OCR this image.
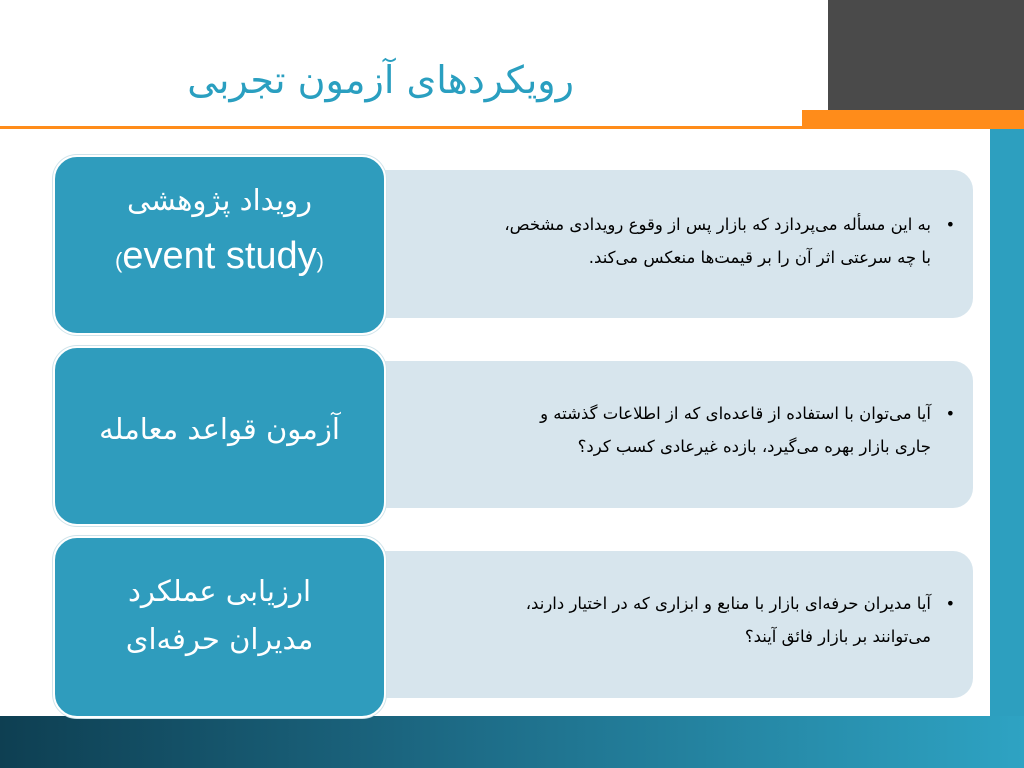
رویکردهای آزمون تجربی
•
به این مسأله می‌پردازد که بازار پس از وقوع رویدادی مشخص،
با چه سرعتی اثر آن را بر قیمت‌ها منعکس می‌کند.
رویداد پژوهشی
(event study)
•
آیا می‌توان با استفاده از قاعده‌ای که از اطلاعات گذشته و
جاری بازار بهره می‌گیرد، بازده غیرعادی کسب کرد؟
آزمون قواعد معامله
•
آیا مدیران حرفه‌ای بازار با منابع و ابزاری که در اختیار دارند،
می‌توانند بر بازار فائق آیند؟
ارزیابی عملکرد
مدیران حرفه‌ای
